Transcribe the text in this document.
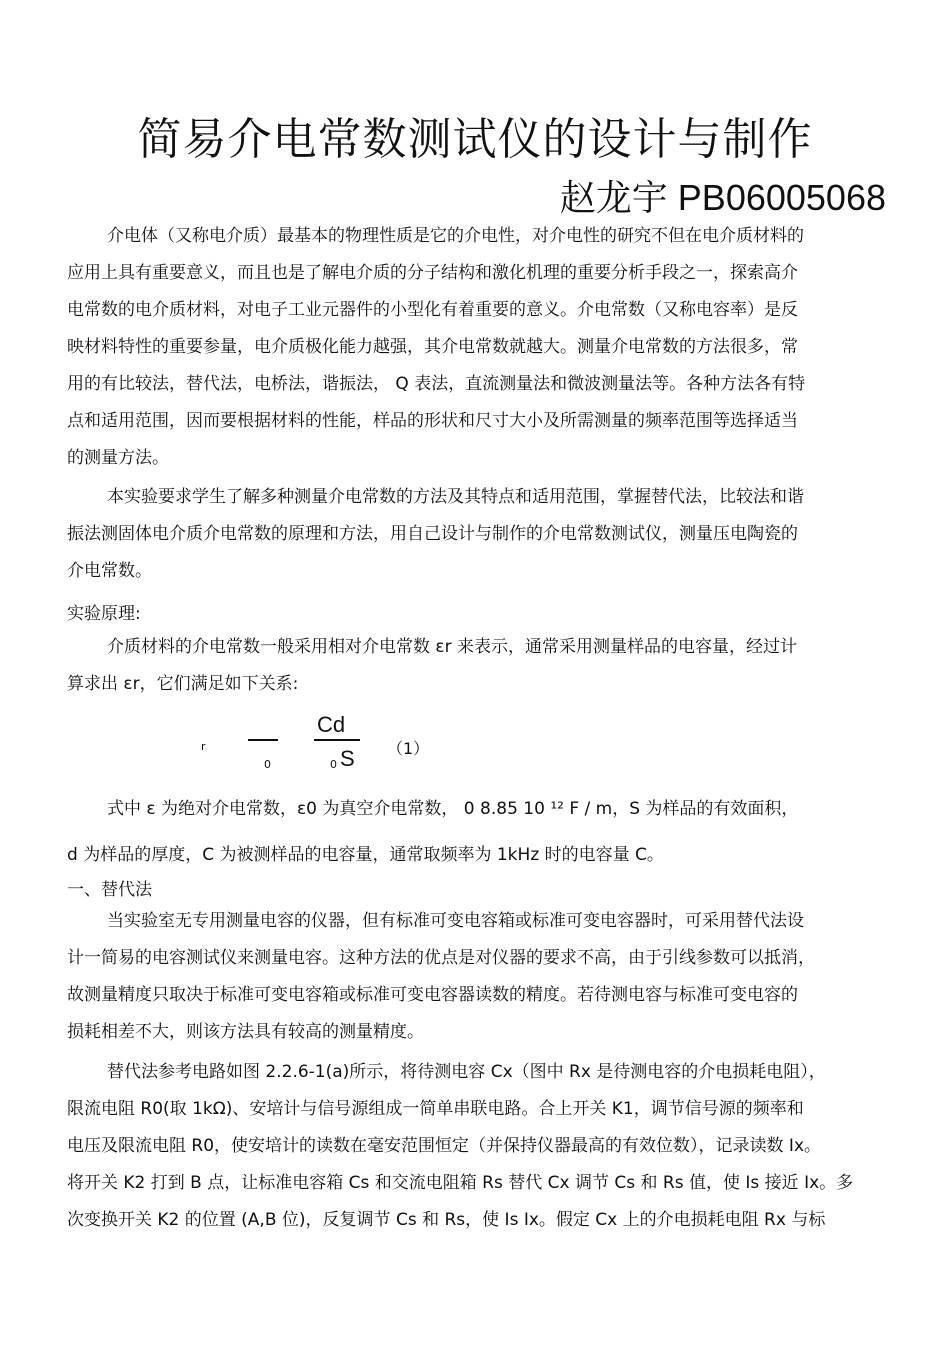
简易介电常数测试仪的设计与制作
赵龙宇 PB06005068
介电体（又称电介质）最基本的物理性质是它的介电性，对介电性的研究不但在电介质材料的
应用上具有重要意义，而且也是了解电介质的分子结构和激化机理的重要分析手段之一，探索高介
电常数的电介质材料，对电子工业元器件的小型化有着重要的意义。介电常数（又称电容率）是反
映材料特性的重要参量，电介质极化能力越强，其介电常数就越大。测量介电常数的方法很多，常
用的有比较法，替代法，电桥法，谐振法， Q 表法，直流测量法和微波测量法等。各种方法各有特
点和适用范围，因而要根据材料的性能，样品的形状和尺寸大小及所需测量的频率范围等选择适当
的测量方法。
本实验要求学生了解多种测量介电常数的方法及其特点和适用范围，掌握替代法，比较法和谐
振法测固体电介质介电常数的原理和方法，用自己设计与制作的介电常数测试仪，测量压电陶瓷的
介电常数。
实验原理:
介质材料的介电常数一般采用相对介电常数 εr 来表示，通常采用测量样品的电容量，经过计
算求出 εr，它们满足如下关系:
r
0
Cd
0 S （1）
式中 ε 为绝对介电常数，ε0 为真空介电常数， 0 8.85 10 ¹² F / m，S 为样品的有效面积，
d 为样品的厚度，C 为被测样品的电容量，通常取频率为 1kHz 时的电容量 C。
一、替代法
当实验室无专用测量电容的仪器，但有标准可变电容箱或标准可变电容器时，可采用替代法设
计一简易的电容测试仪来测量电容。这种方法的优点是对仪器的要求不高，由于引线参数可以抵消，
故测量精度只取决于标准可变电容箱或标准可变电容器读数的精度。若待测电容与标准可变电容的
损耗相差不大，则该方法具有较高的测量精度。
替代法参考电路如图 2.2.6-1(a)所示，将待测电容 Cx（图中 Rx 是待测电容的介电损耗电阻），
限流电阻 R0(取 1kΩ)、安培计与信号源组成一简单串联电路。合上开关 K1，调节信号源的频率和
电压及限流电阻 R0，使安培计的读数在毫安范围恒定（并保持仪器最高的有效位数），记录读数 Ix。
将开关 K2 打到 B 点，让标准电容箱 Cs 和交流电阻箱 Rs 替代 Cx 调节 Cs 和 Rs 值，使 Is 接近 Ix。多
次变换开关 K2 的位置 (A,B 位)，反复调节 Cs 和 Rs，使 Is Ix。假定 Cx 上的介电损耗电阻 Rx 与标
